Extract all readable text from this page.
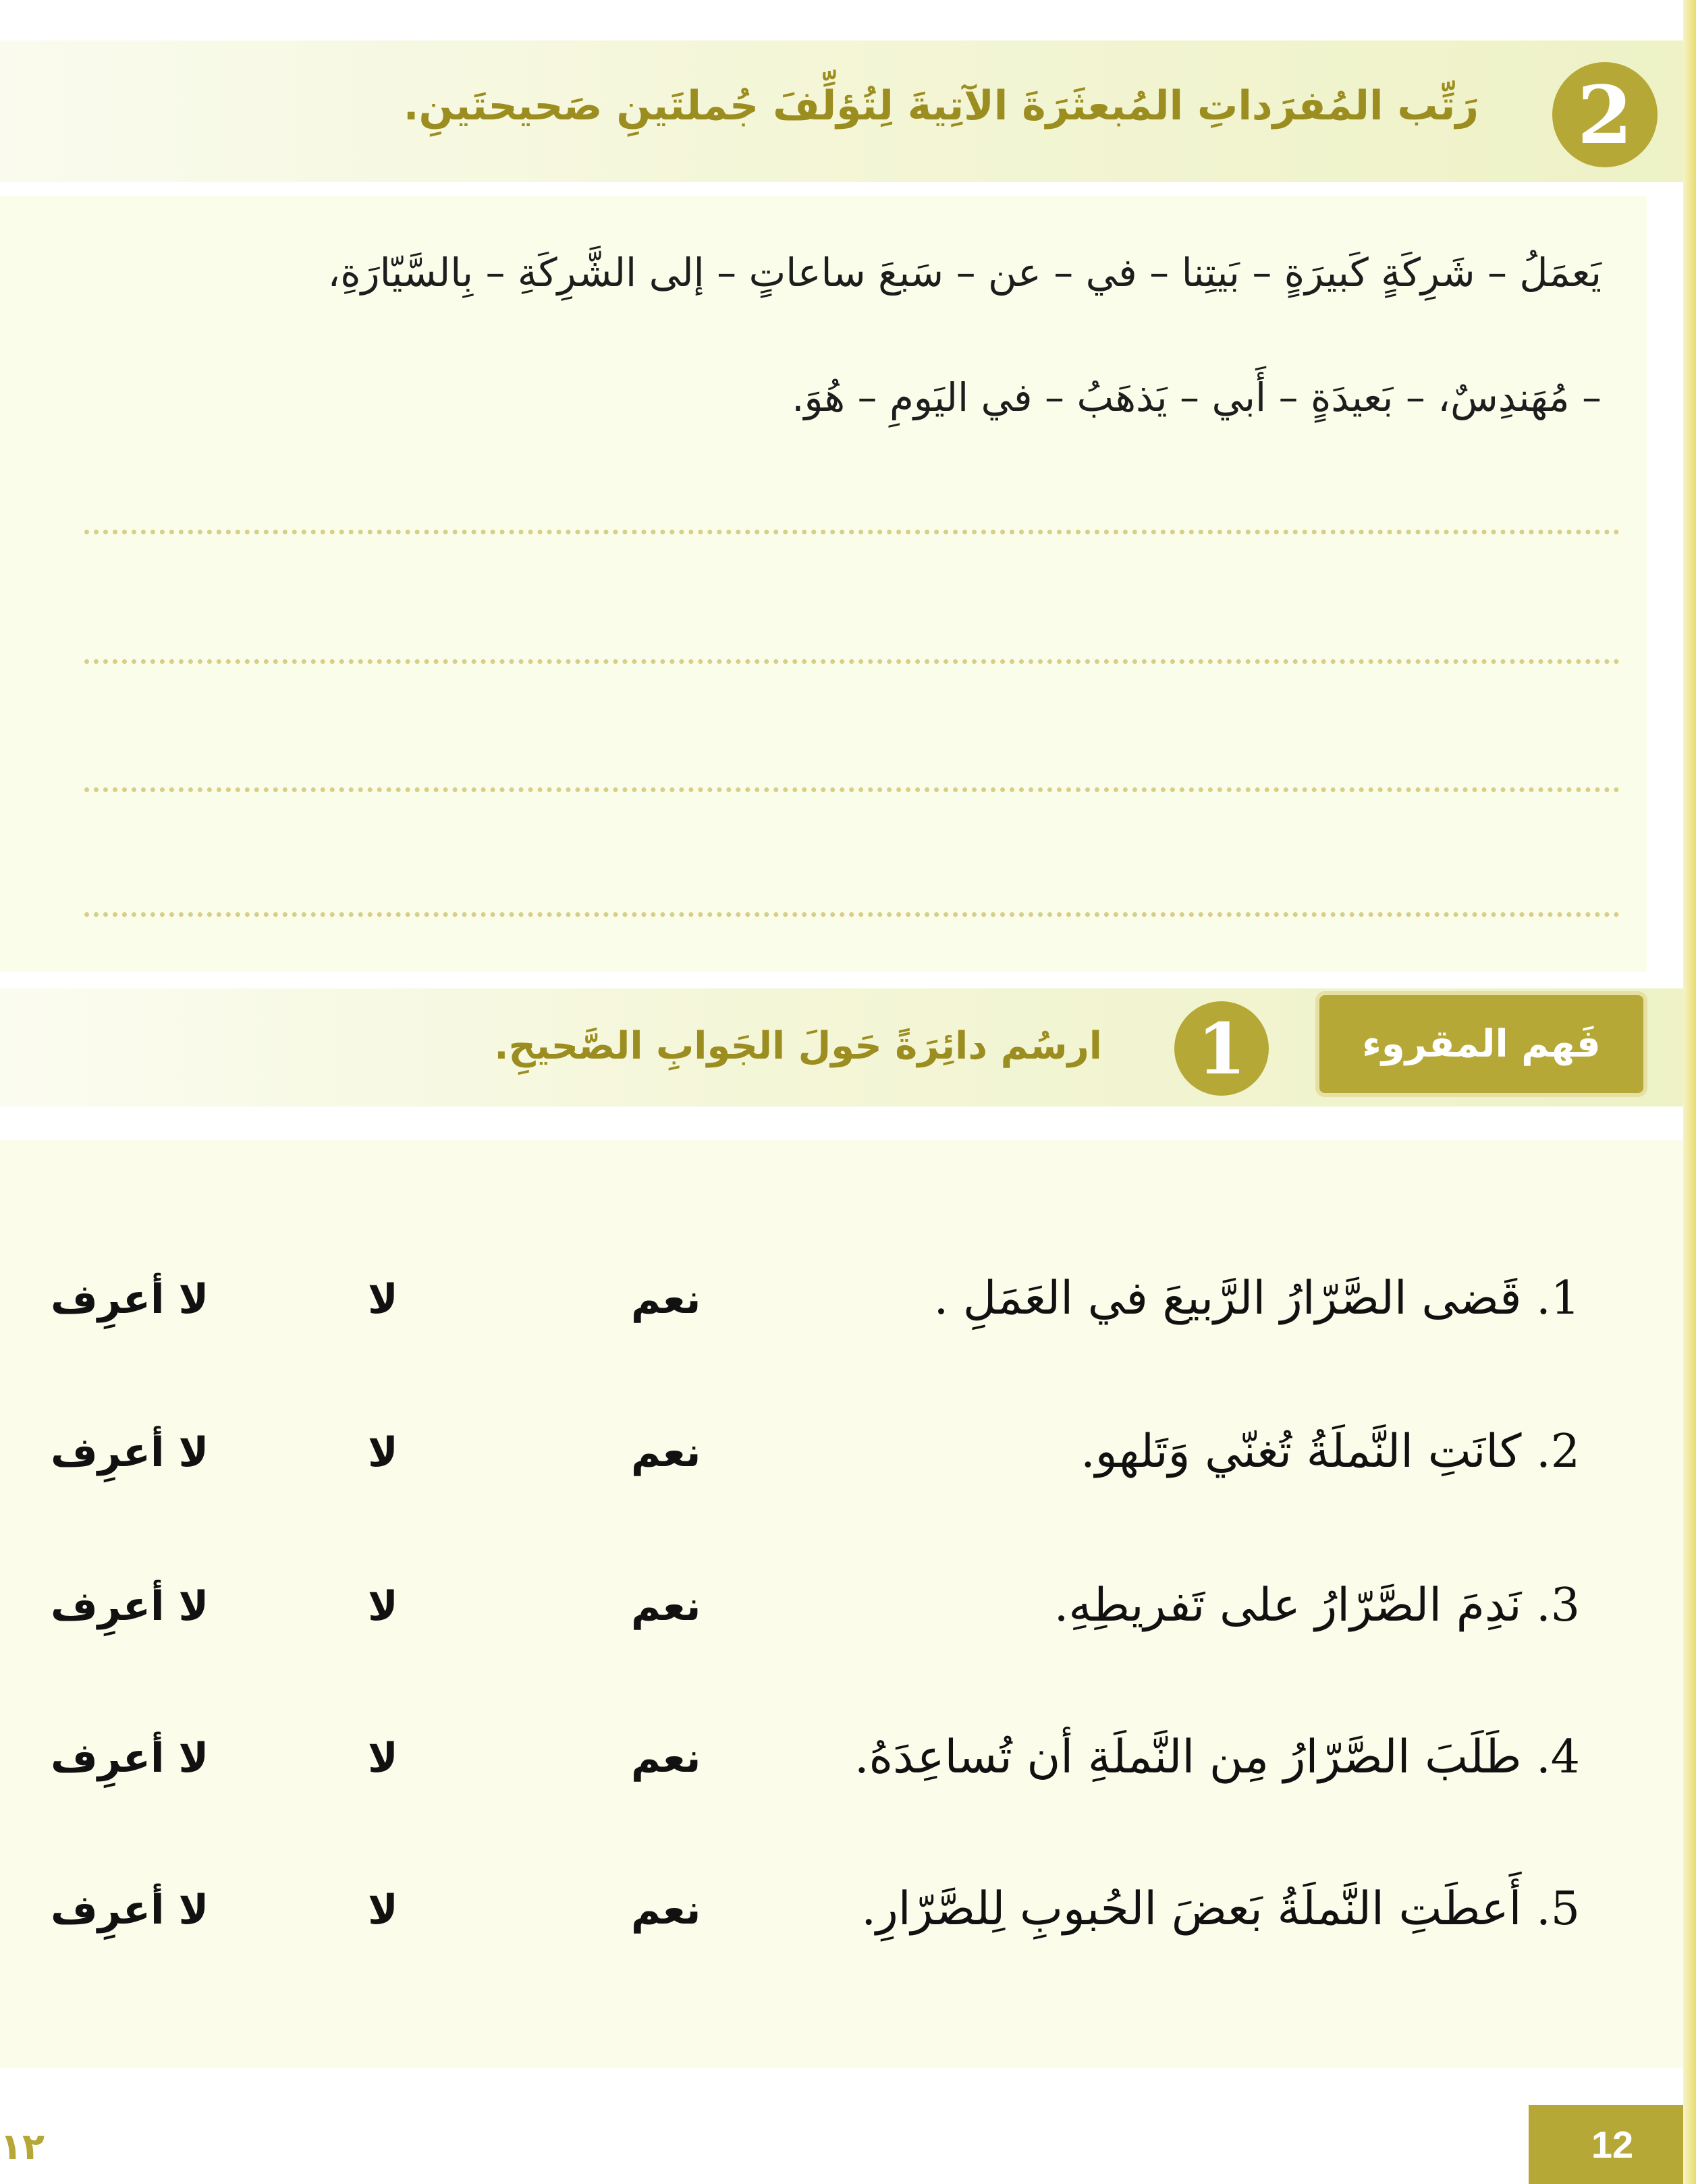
2
رَتِّب المُفرَداتِ المُبعثَرَةَ الآتِيةَ لِتُؤلِّفَ جُملتَينِ صَحيحتَينِ.
يَعمَلُ – شَرِكَةٍ كَبيرَةٍ – بَيتِنا – في – عن – سَبعَ ساعاتٍ – إلى الشَّرِكَةِ – بِالسَّيّارَةِ،
– مُهَندِسٌ، – بَعيدَةٍ – أَبي – يَذهَبُ – في اليَومِ – هُوَ.
فَهم المقروء
1
ارسُم دائِرَةً حَولَ الجَوابِ الصَّحيحِ.
1. قَضى الصَّرّارُ الرَّبيعَ في العَمَلِ .
نعم
لا
لا أعرِف
2. كانَتِ النَّملَةُ تُغنّي وَتَلهو.
نعم
لا
لا أعرِف
3. نَدِمَ الصَّرّارُ على تَفريطِهِ.
نعم
لا
لا أعرِف
4. طَلَبَ الصَّرّارُ مِن النَّملَةِ أن تُساعِدَهُ.
نعم
لا
لا أعرِف
5. أَعطَتِ النَّملَةُ بَعضَ الحُبوبِ لِلصَّرّارِ.
نعم
لا
لا أعرِف
١٢	12
